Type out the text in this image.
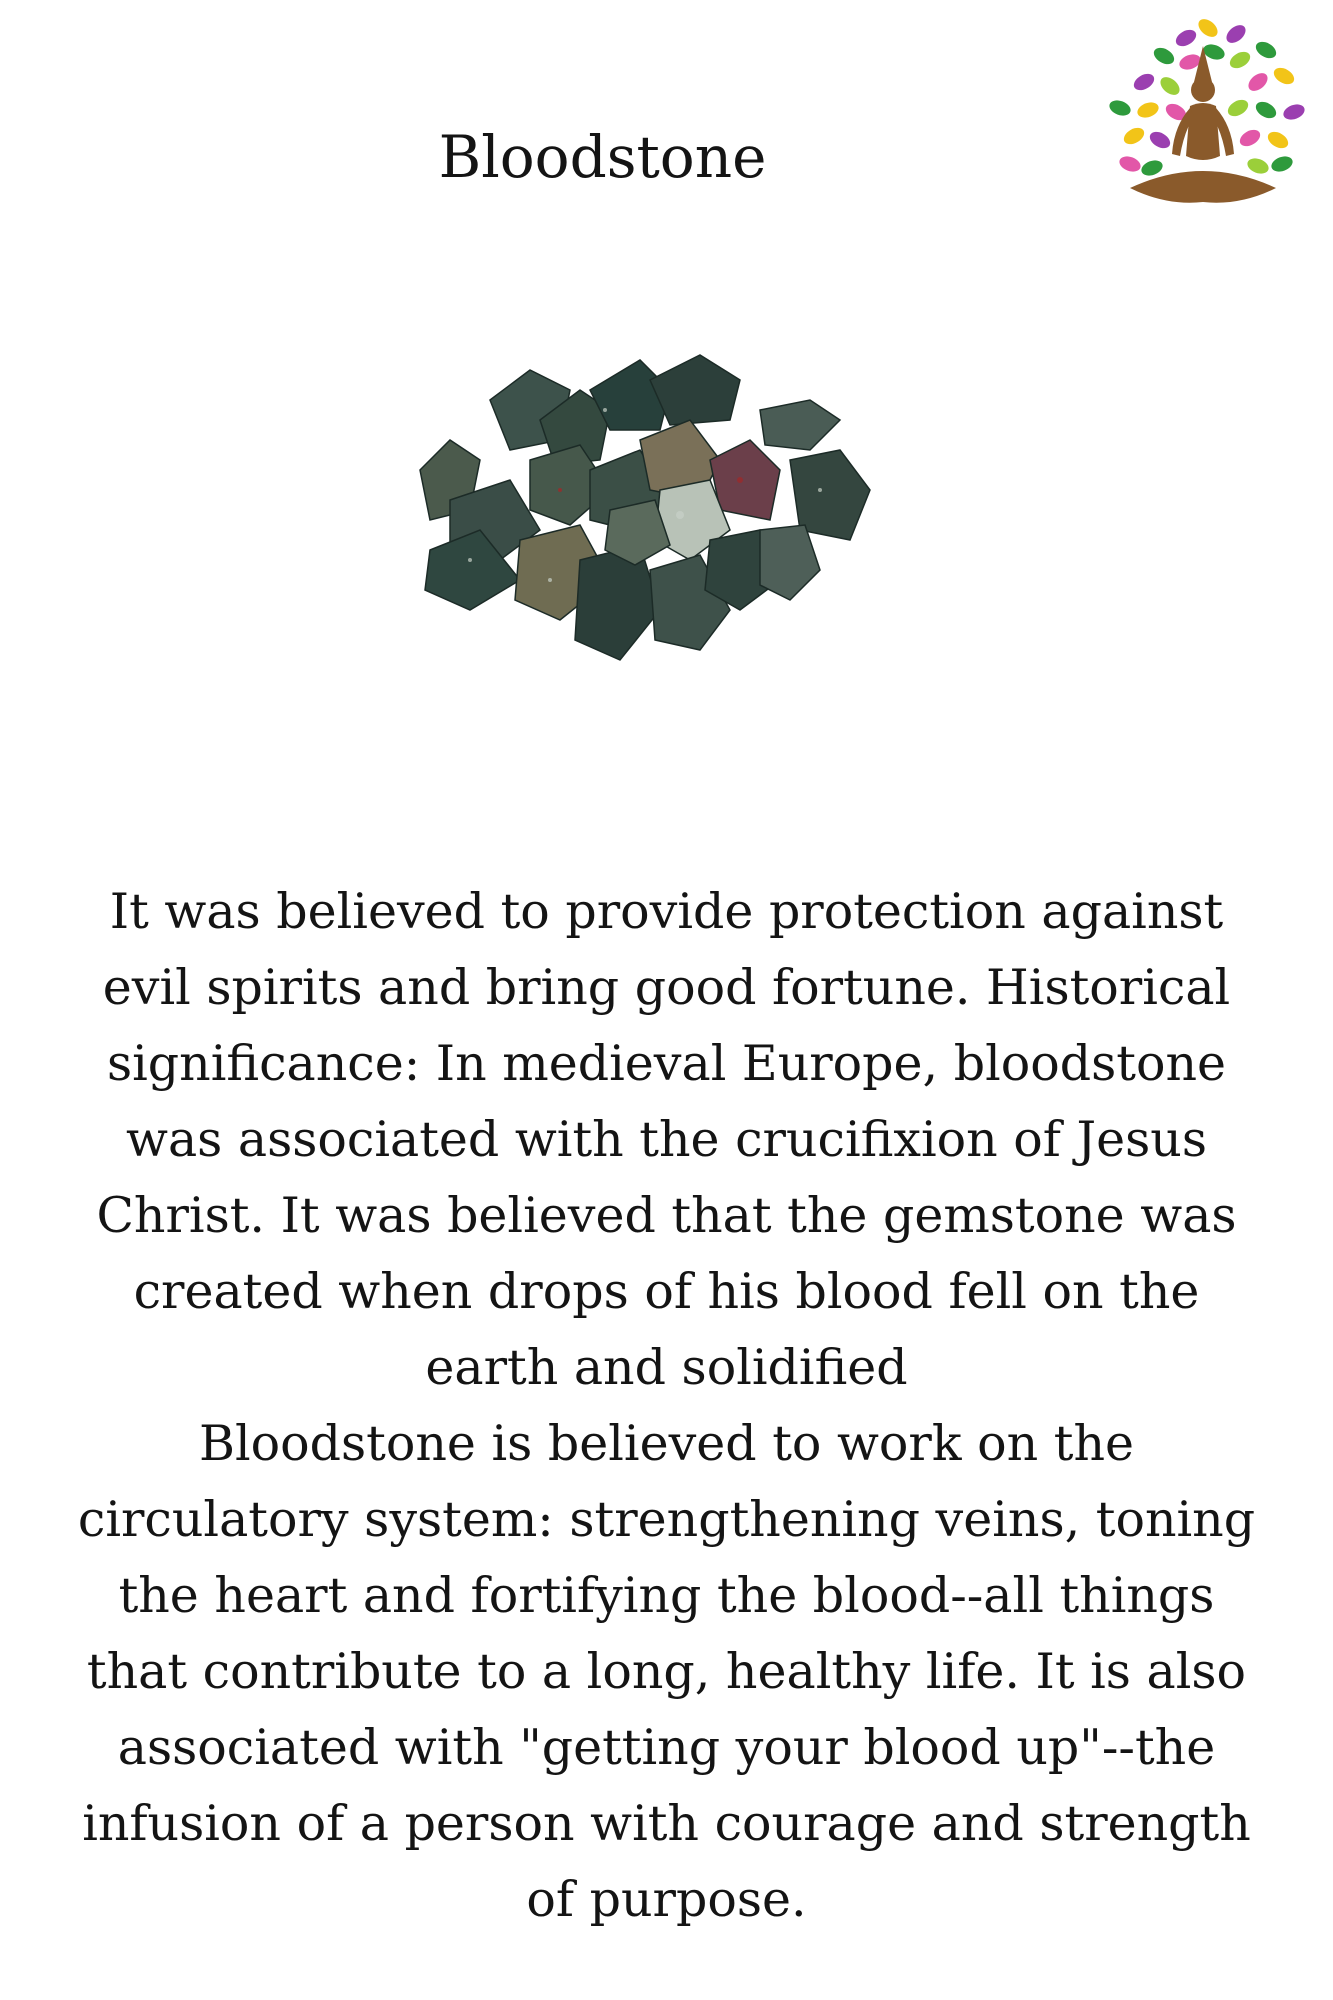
Bloodstone

It was believed to provide protection against evil spirits and bring good fortune. Historical significance: In medieval Europe, bloodstone was associated with the crucifixion of Jesus Christ. It was believed that the gemstone was created when drops of his blood fell on the earth and solidified

Bloodstone is believed to work on the circulatory system: strengthening veins, toning the heart and fortifying the blood--all things that contribute to a long, healthy life. It is also associated with "getting your blood up"--the infusion of a person with courage and strength of purpose.
